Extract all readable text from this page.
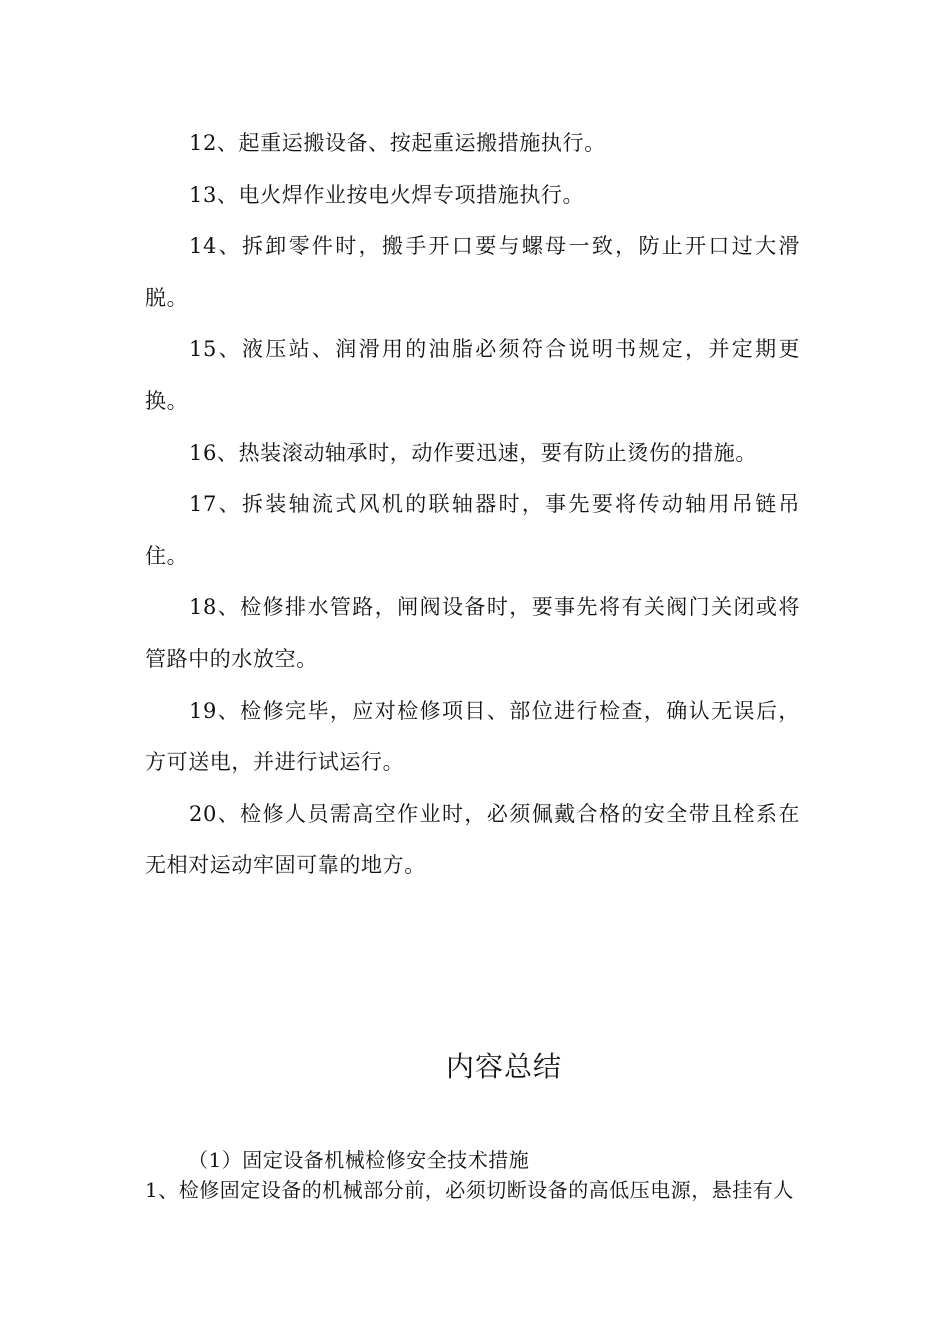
12、起重运搬设备、按起重运搬措施执行。

13、电火焊作业按电火焊专项措施执行。

14、拆卸零件时，搬手开口要与螺母一致，防止开口过大滑脱。

15、液压站、润滑用的油脂必须符合说明书规定，并定期更换。

16、热装滚动轴承时，动作要迅速，要有防止烫伤的措施。

17、拆装轴流式风机的联轴器时，事先要将传动轴用吊链吊住。

18、检修排水管路，闸阀设备时，要事先将有关阀门关闭或将管路中的水放空。

19、检修完毕，应对检修项目、部位进行检查，确认无误后，方可送电，并进行试运行。

20、检修人员需高空作业时，必须佩戴合格的安全带且栓系在无相对运动牢固可靠的地方。

内容总结

（1）固定设备机械检修安全技术措施

1、检修固定设备的机械部分前，必须切断设备的高低压电源，悬挂有人
